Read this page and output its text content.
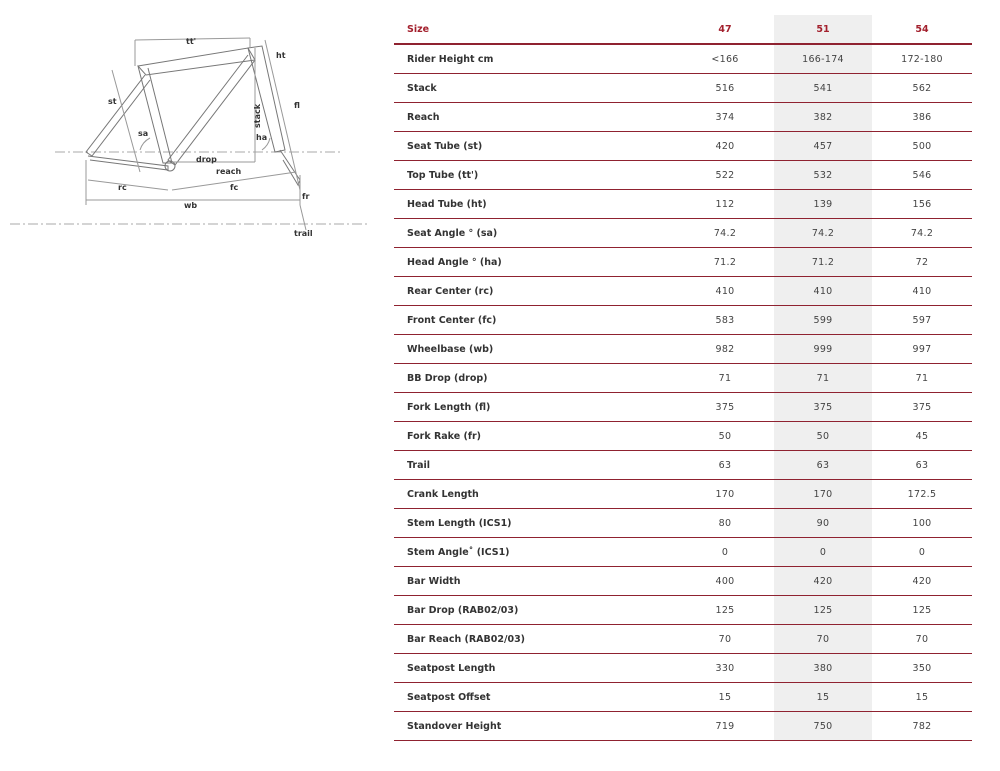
tt'
ht
st	fl
stack
sa	ha
drop
reach
rc	fc
wb
fr
trail
Size	47	51	54
Rider Height cm	<166	166-174	172-180
Stack	516	541	562
Reach	374	382	386
Seat Tube (st)	420	457	500
Top Tube (tt')	522	532	546
Head Tube (ht)	112	139	156
Seat Angle ° (sa)	74.2	74.2	74.2
Head Angle ° (ha)	71.2	71.2	72
Rear Center (rc)	410	410	410
Front Center (fc)	583	599	597
Wheelbase (wb)	982	999	997
BB Drop (drop)	71	71	71
Fork Length (fl)	375	375	375
Fork Rake (fr)	50	50	45
Trail	63	63	63
Crank Length	170	170	172.5
Stem Length (ICS1)	80	90	100
Stem Angle˚ (ICS1)	0	0	0
Bar Width	400	420	420
Bar Drop (RAB02/03)	125	125	125
Bar Reach (RAB02/03)	70	70	70
Seatpost Length	330	380	350
Seatpost Offset	15	15	15
Standover Height	719	750	782
